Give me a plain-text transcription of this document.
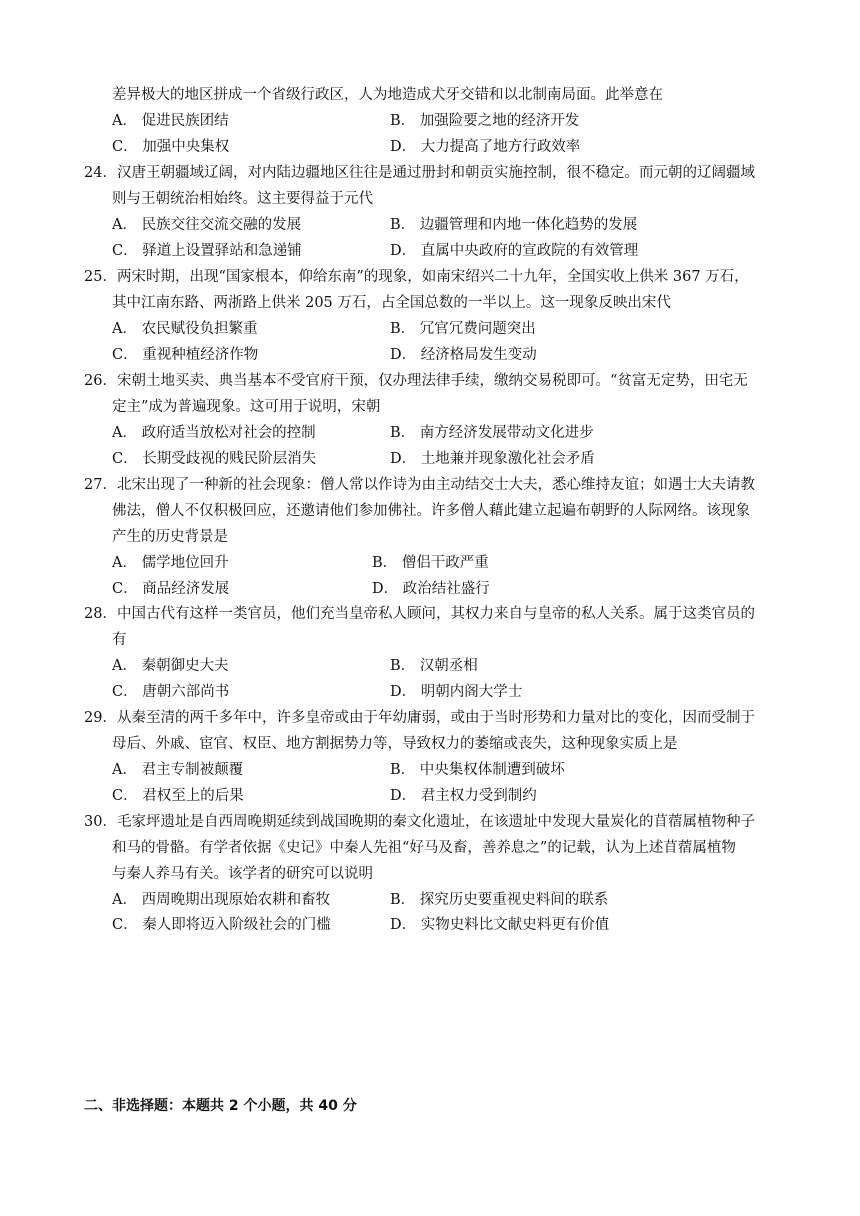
差异极大的地区拼成一个省级行政区，人为地造成犬牙交错和以北制南局面。此举意在
A． 促进民族团结	B． 加强险要之地的经济开发
C． 加强中央集权	D． 大力提高了地方行政效率
24．汉唐王朝疆域辽阔，对内陆边疆地区往往是通过册封和朝贡实施控制，很不稳定。而元朝的辽阔疆域
则与王朝统治相始终。这主要得益于元代
A． 民族交往交流交融的发展	B． 边疆管理和内地一体化趋势的发展
C． 驿道上设置驿站和急递铺	D． 直属中央政府的宣政院的有效管理
25．两宋时期，出现“国家根本，仰给东南”的现象，如南宋绍兴二十九年，全国实收上供米 367 万石，
其中江南东路、两浙路上供米 205 万石，占全国总数的一半以上。这一现象反映出宋代
A． 农民赋役负担繁重	B． 冗官冗费问题突出
C． 重视种植经济作物	D． 经济格局发生变动
26．宋朝土地买卖、典当基本不受官府干预，仅办理法律手续，缴纳交易税即可。“贫富无定势，田宅无
定主”成为普遍现象。这可用于说明，宋朝
A． 政府适当放松对社会的控制	B． 南方经济发展带动文化进步
C． 长期受歧视的贱民阶层消失	D． 土地兼并现象激化社会矛盾
27．北宋出现了一种新的社会现象：僧人常以作诗为由主动结交士大夫，悉心维持友谊；如遇士大夫请教
佛法，僧人不仅积极回应，还邀请他们参加佛社。许多僧人藉此建立起遍布朝野的人际网络。该现象
产生的历史背景是
A． 儒学地位回升	B． 僧侣干政严重
C． 商品经济发展	D． 政治结社盛行
28．中国古代有这样一类官员，他们充当皇帝私人顾问，其权力来自与皇帝的私人关系。属于这类官员的
有
A． 秦朝御史大夫	B． 汉朝丞相
C． 唐朝六部尚书	D． 明朝内阁大学士
29．从秦至清的两千多年中，许多皇帝或由于年幼庸弱，或由于当时形势和力量对比的变化，因而受制于
母后、外戚、宦官、权臣、地方割据势力等，导致权力的萎缩或丧失，这种现象实质上是
A． 君主专制被颠覆	B． 中央集权体制遭到破坏
C． 君权至上的后果	D． 君主权力受到制约
30．毛家坪遗址是自西周晚期延续到战国晚期的秦文化遗址，在该遗址中发现大量炭化的苜蓿属植物种子
和马的骨骼。有学者依据《史记》中秦人先祖“好马及畜，善养息之”的记载，认为上述苜蓿属植物
与秦人养马有关。该学者的研究可以说明
A． 西周晚期出现原始农耕和畜牧	B． 探究历史要重视史料间的联系
C． 秦人即将迈入阶级社会的门槛	D． 实物史料比文献史料更有价值
二、非选择题：本题共 2 个小题，共 40 分
